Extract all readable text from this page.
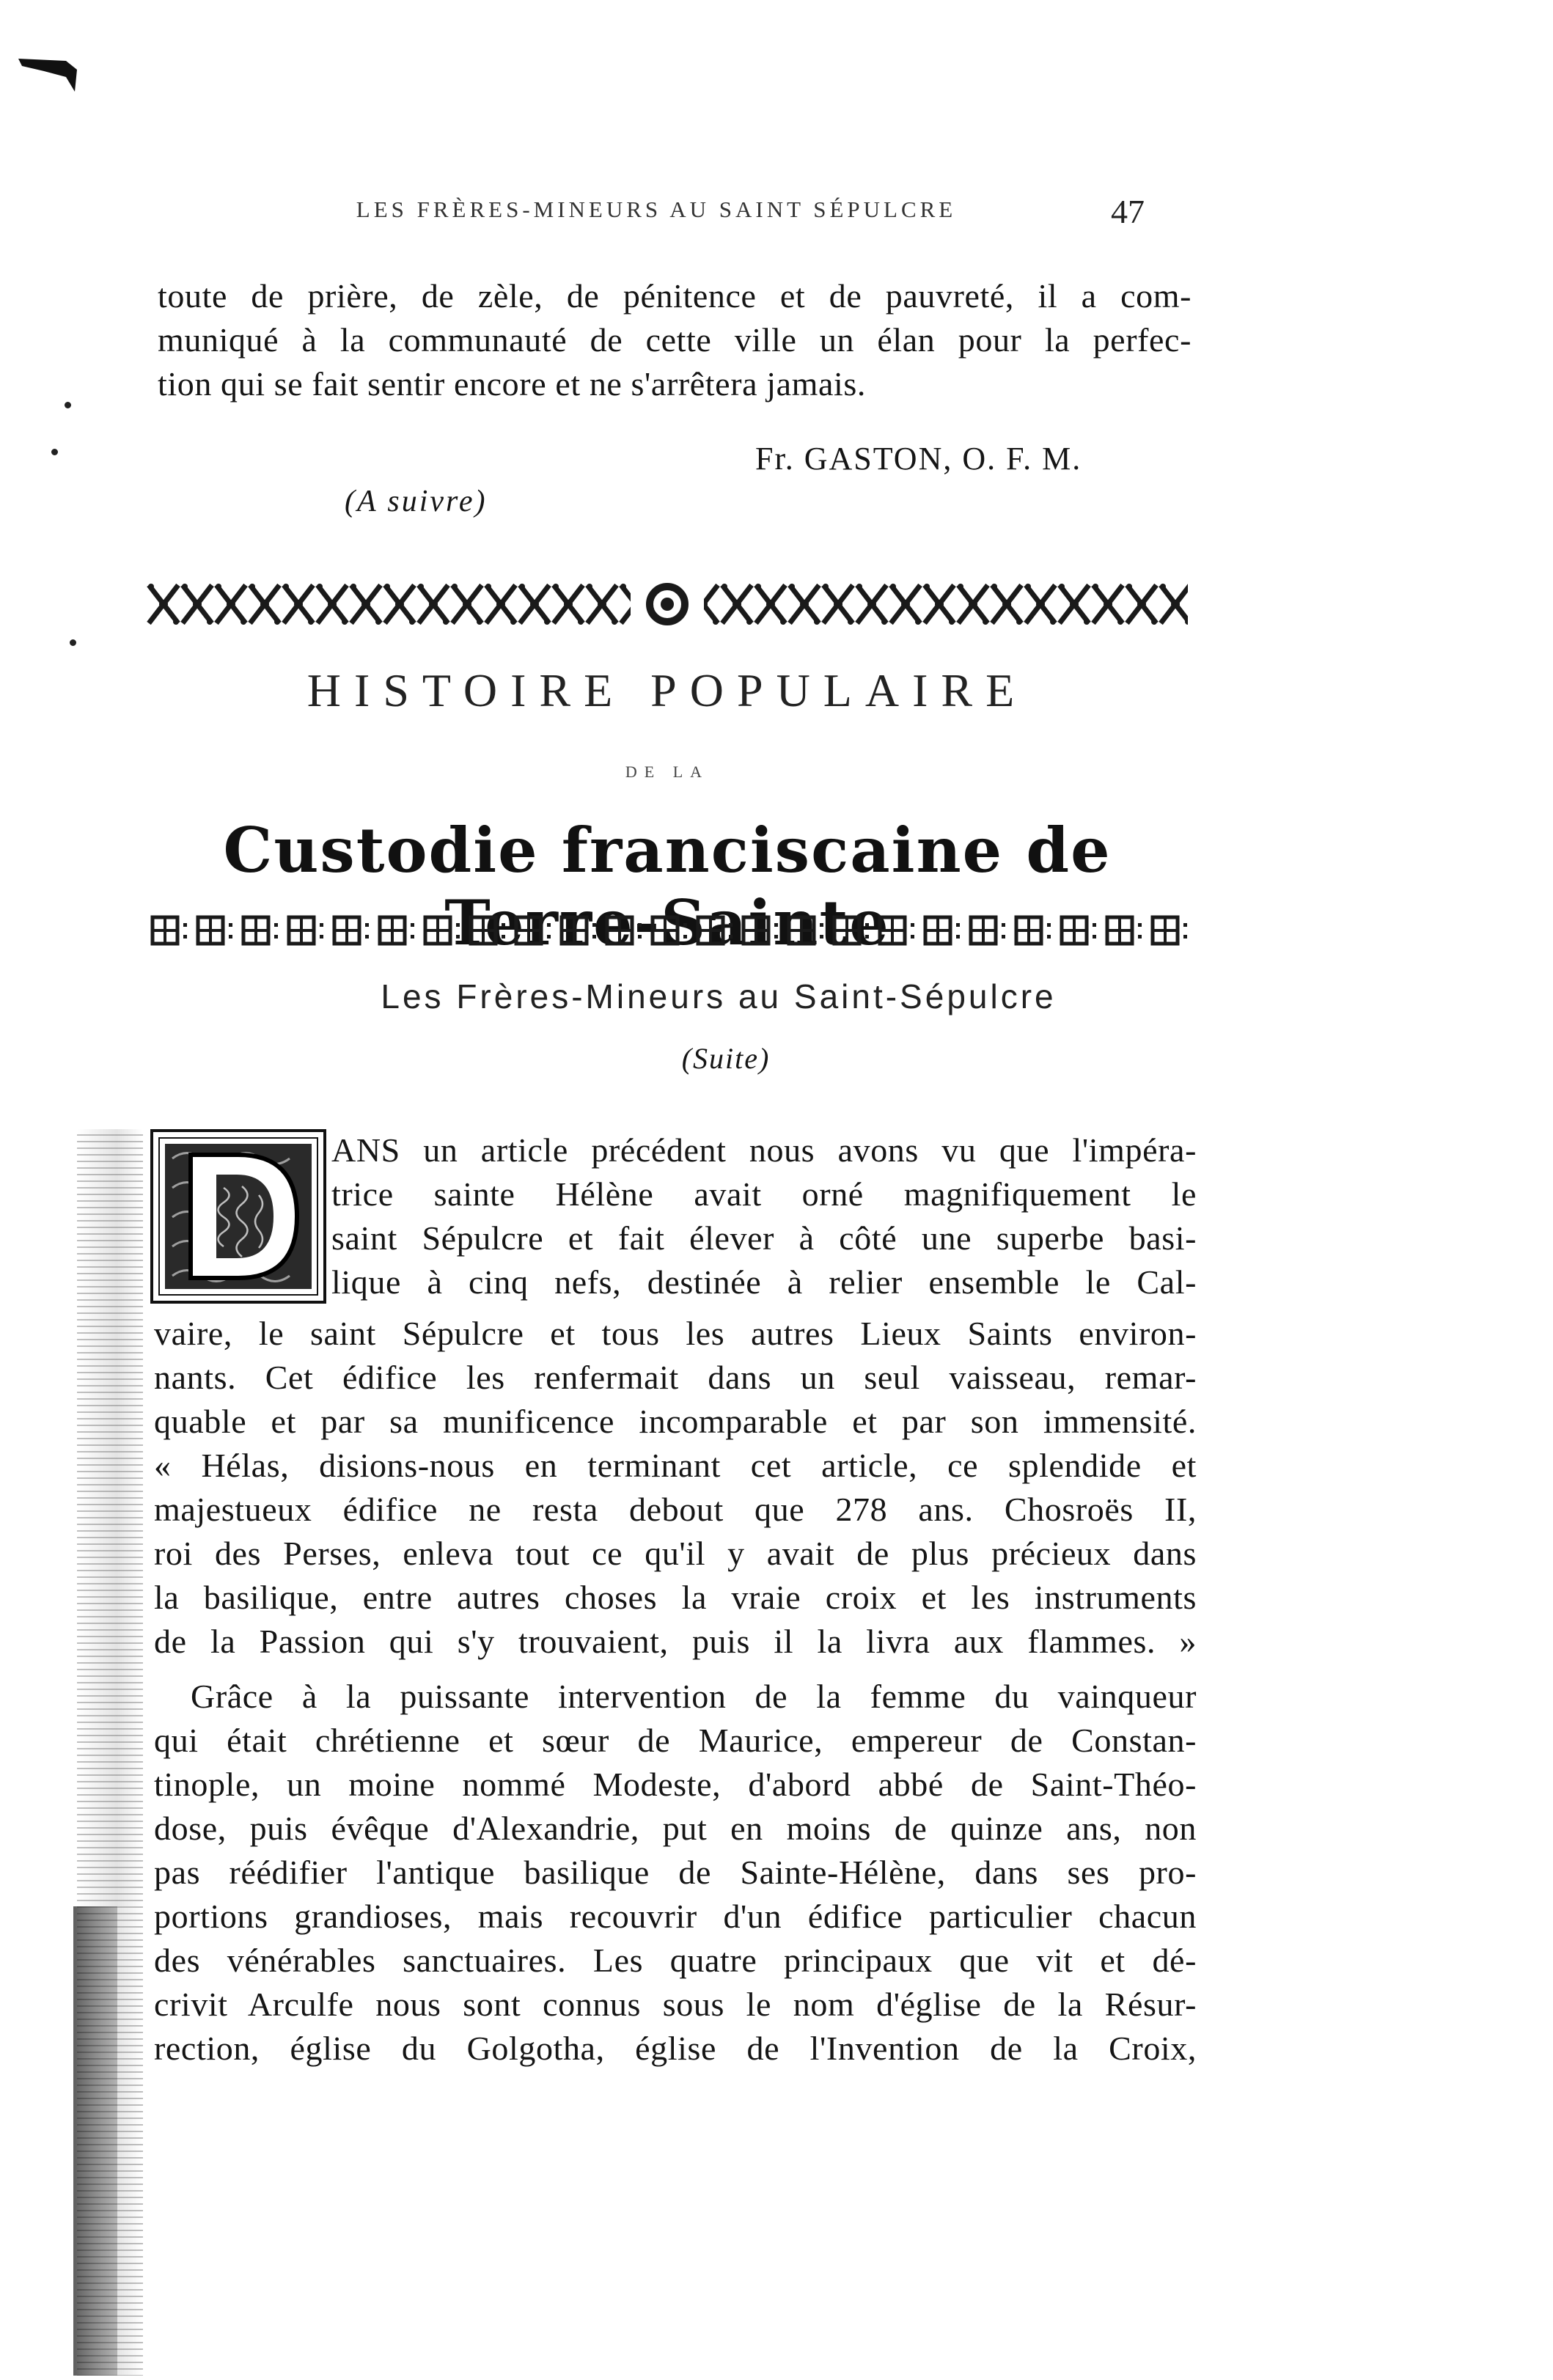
LES FRÈRES-MINEURS AU SAINT SÉPULCRE	47
toute de prière, de zèle, de pénitence et de pauvreté, il a com-
muniqué à la communauté de cette ville un élan pour la perfec-
tion qui se fait sentir encore et ne s'arrêtera jamais.
Fr. GASTON, O. F. M.
(A suivre)
HISTOIRE POPULAIRE
DE LA
Custodie franciscaine de
Les Frères-Mineurs au Saint-Sépulcre
(Suite)
ANS un article précédent nous avons vu que l'impéra-
trice sainte Hélène avait orné magnifiquement le
saint Sépulcre et fait élever à côté une superbe basi-
lique à cinq nefs, destinée à relier ensemble le Cal-
vaire, le saint Sépulcre et tous les autres Lieux Saints environ-
nants. Cet édifice les renfermait dans un seul vaisseau, remar-
quable et par sa munificence incomparable et par son immensité.
« Hélas, disions-nous en terminant cet article, ce splendide et
majestueux édifice ne resta debout que 278 ans. Chosroës II,
roi des Perses, enleva tout ce qu'il y avait de plus précieux dans
la basilique, entre autres choses la vraie croix et les instruments
de la Passion qui s'y trouvaient, puis il la livra aux flammes. »
Grâce à la puissante intervention de la femme du vainqueur
qui était chrétienne et sœur de Maurice, empereur de Constan-
tinople, un moine nommé Modeste, d'abord abbé de Saint-Théo-
dose, puis évêque d'Alexandrie, put en moins de quinze ans, non
pas réédifier l'antique basilique de Sainte-Hélène, dans ses pro-
portions grandioses, mais recouvrir d'un édifice particulier chacun
des vénérables sanctuaires. Les quatre principaux que vit et dé-
crivit Arculfe nous sont connus sous le nom d'église de la Résur-
rection, église du Golgotha, église de l'Invention de la Croix,
